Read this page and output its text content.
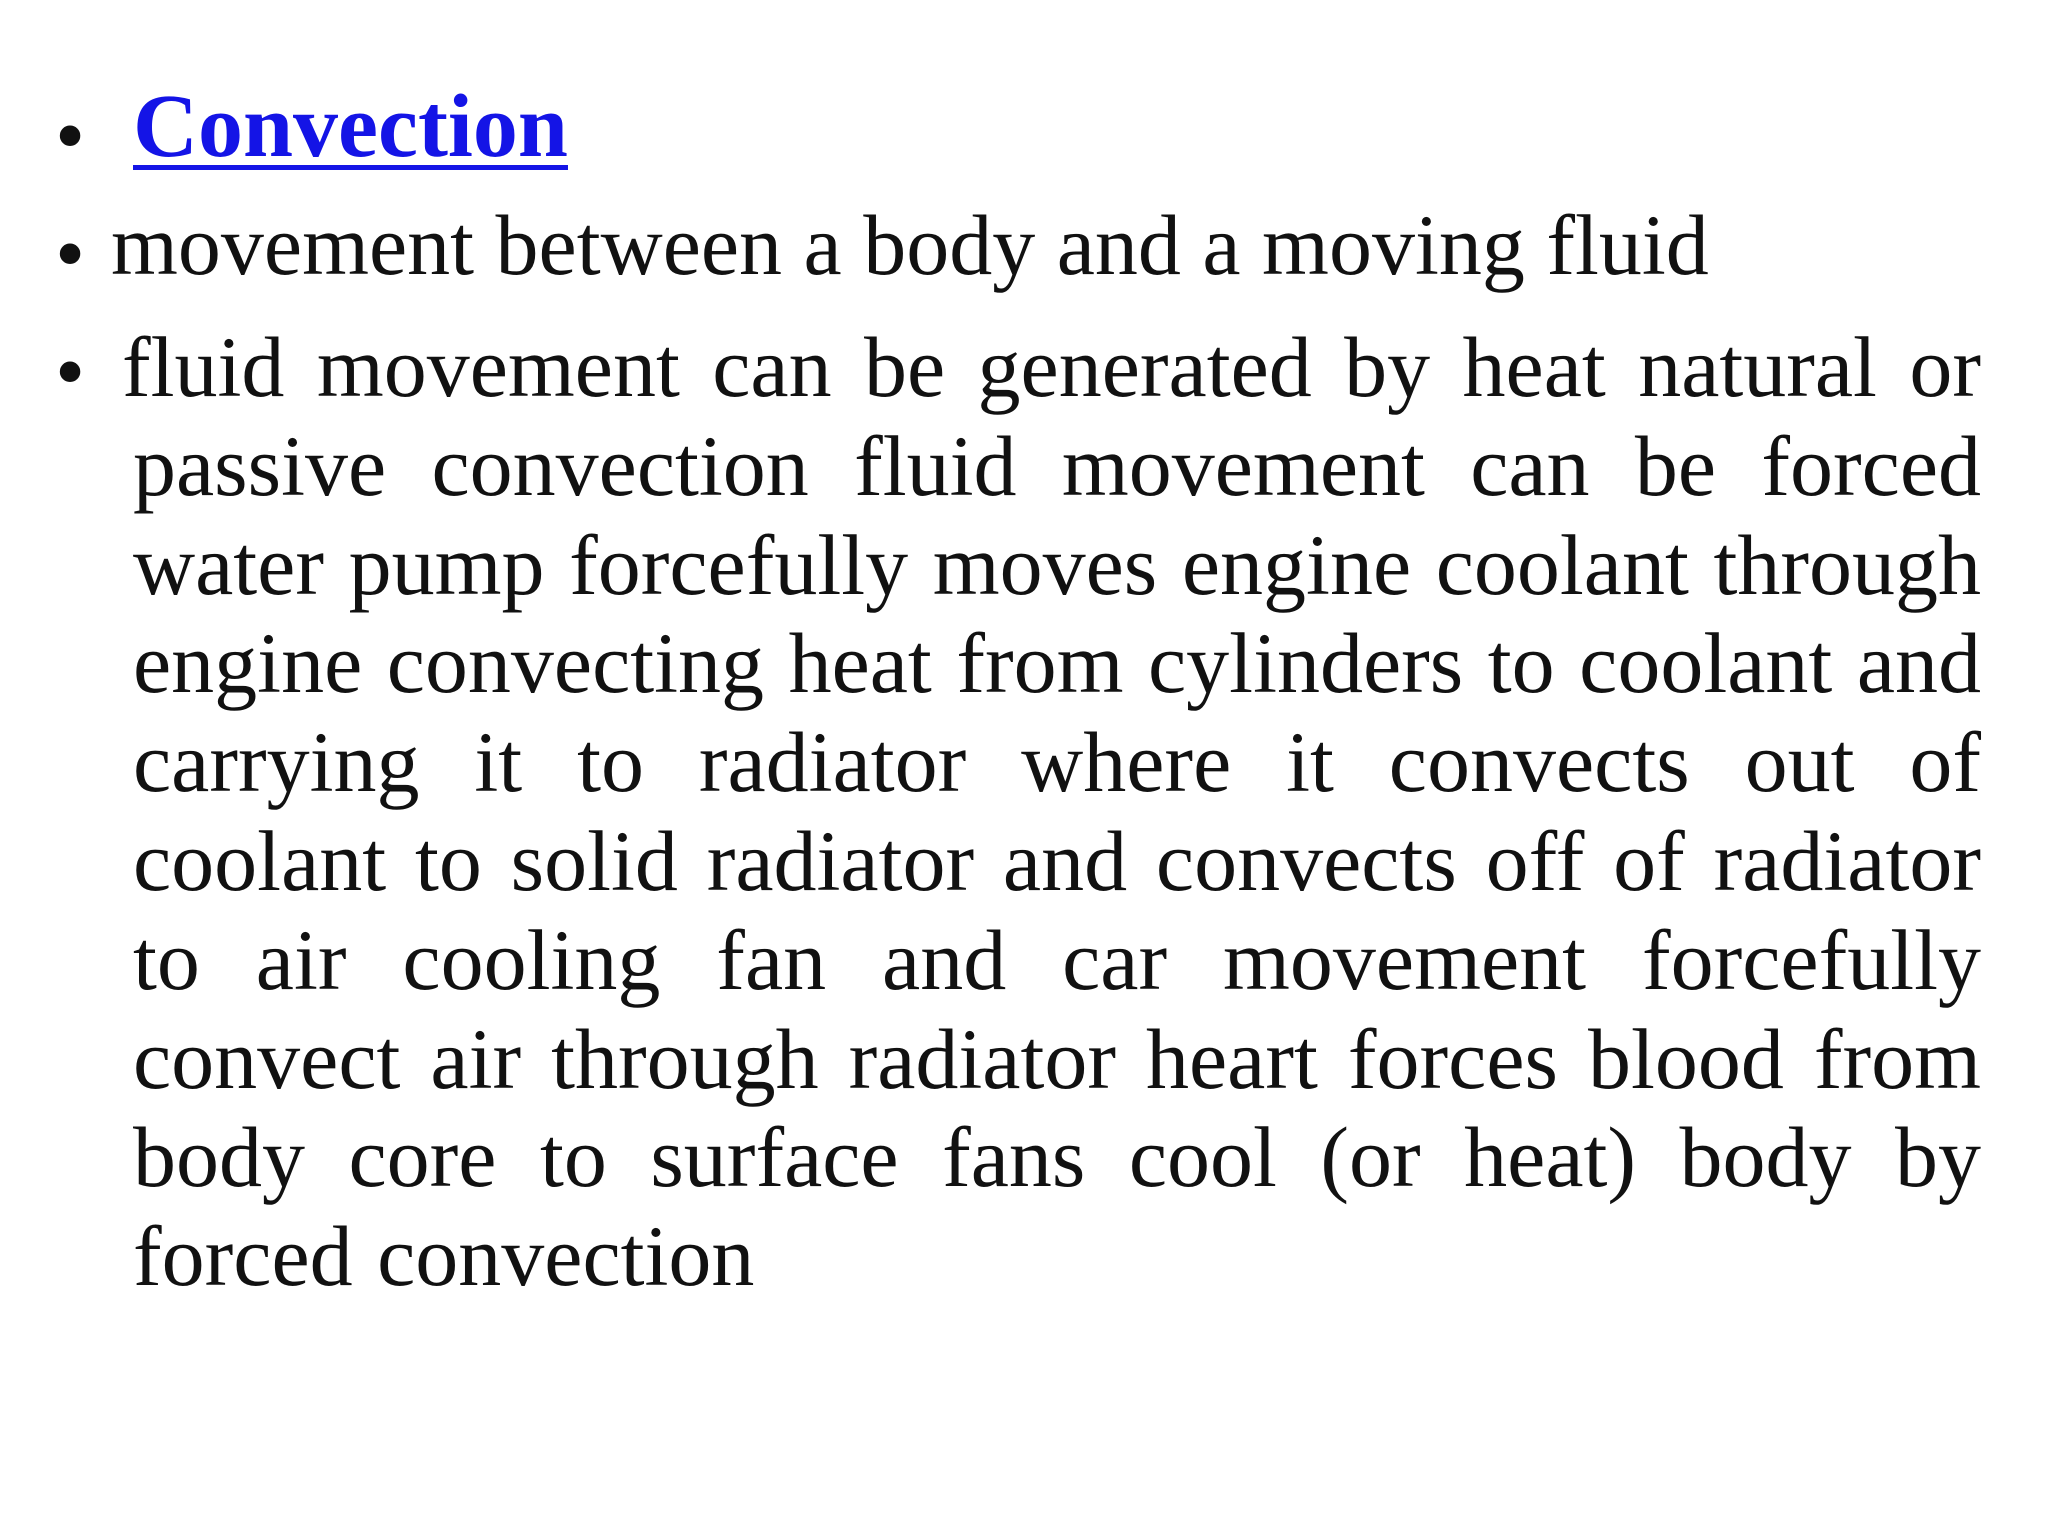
• Convection
• movement between a body and a moving fluid
• fluid movement can be generated by heat natural or passive convection fluid movement can be forced water pump forcefully moves engine coolant through engine convecting heat from cylinders to coolant and carrying it to radiator where it convects out of coolant to solid radiator and convects off of radiator to air cooling fan and car movement forcefully convect air through radiator heart forces blood from body core to surface fans cool (or heat) body by forced convection
